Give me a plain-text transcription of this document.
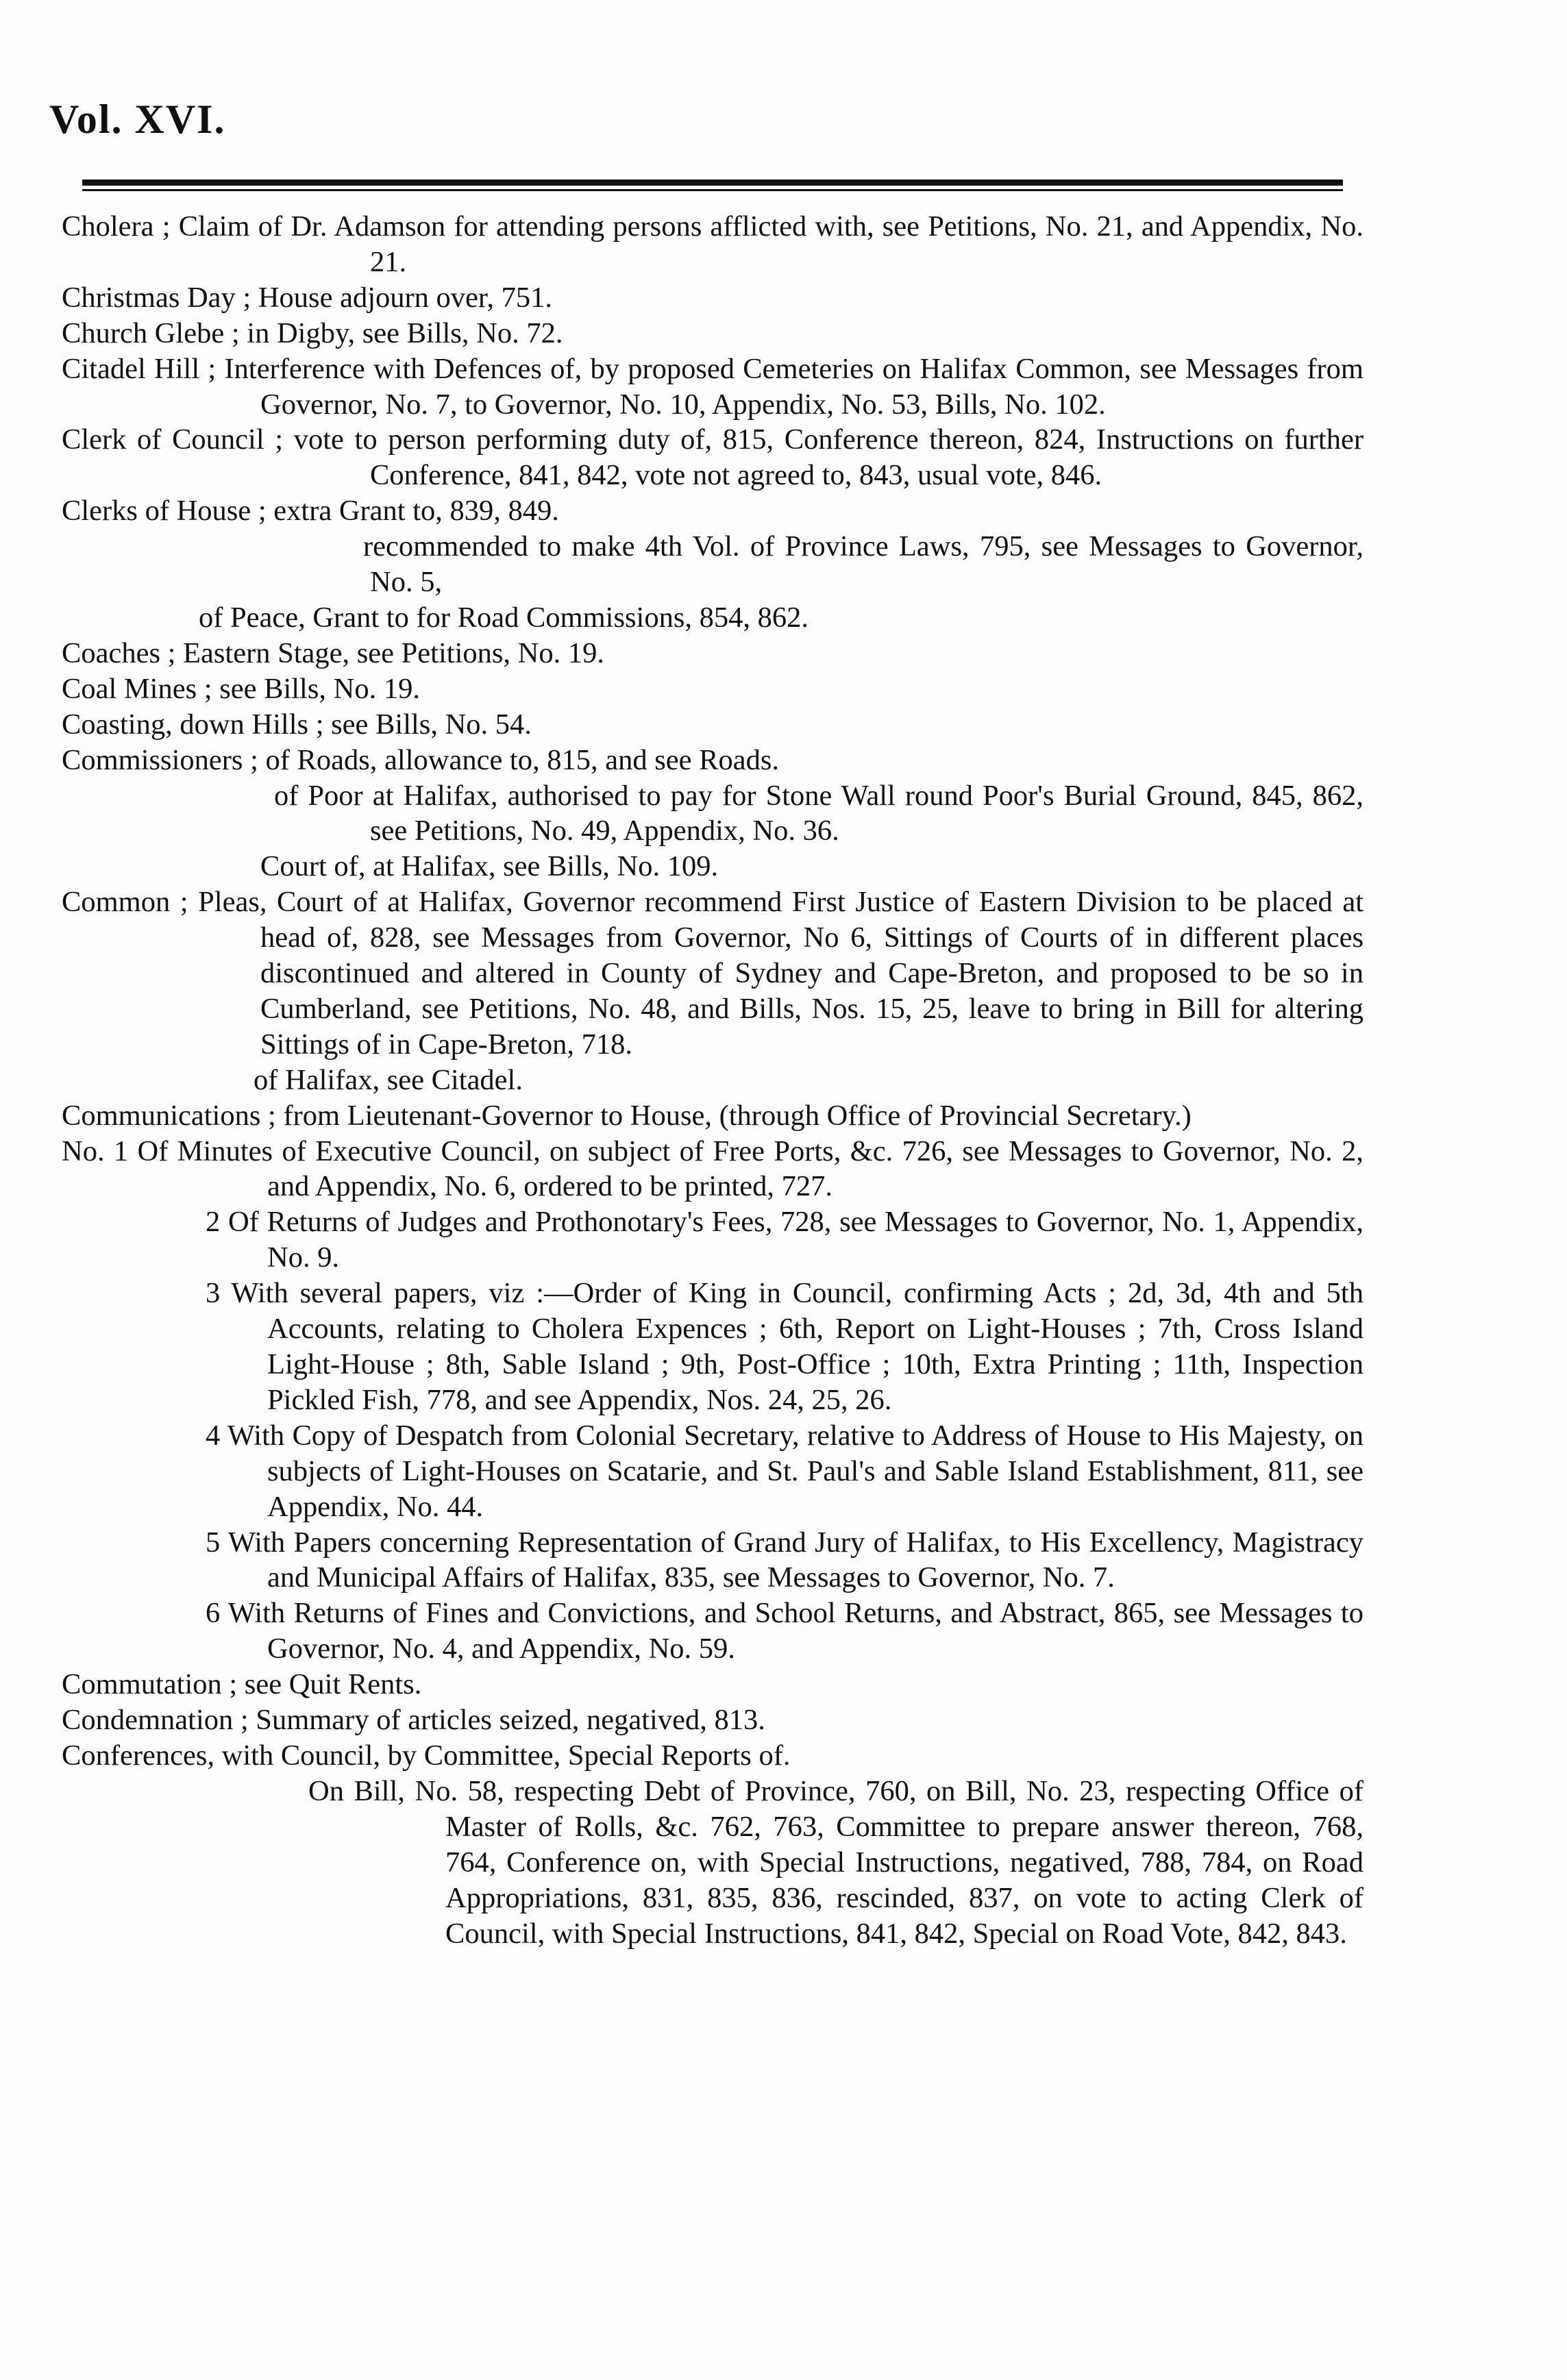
Vol. XVI.

Cholera ; Claim of Dr. Adamson for attending persons afflicted with, see Petitions, No. 21, and Appendix, No. 21.

Christmas Day ; House adjourn over, 751.

Church Glebe ; in Digby, see Bills, No. 72.

Citadel Hill ; Interference with Defences of, by proposed Cemeteries on Halifax Common, see Messages from Governor, No. 7, to Governor, No. 10, Appendix, No. 53, Bills, No. 102.

Clerk of Council ; vote to person performing duty of, 815, Conference thereon, 824, Instructions on further Conference, 841, 842, vote not agreed to, 843, usual vote, 846.

Clerks of House ; extra Grant to, 839, 849.

recommended to make 4th Vol. of Province Laws, 795, see Messages to Governor, No. 5,

of Peace, Grant to for Road Commissions, 854, 862.

Coaches ; Eastern Stage, see Petitions, No. 19.

Coal Mines ; see Bills, No. 19.

Coasting, down Hills ; see Bills, No. 54.

Commissioners ; of Roads, allowance to, 815, and see Roads.

of Poor at Halifax, authorised to pay for Stone Wall round Poor's Burial Ground, 845, 862, see Petitions, No. 49, Appendix, No. 36.

Court of, at Halifax, see Bills, No. 109.

Common ; Pleas, Court of at Halifax, Governor recommend First Justice of Eastern Division to be placed at head of, 828, see Messages from Governor, No 6, Sittings of Courts of in different places discontinued and altered in County of Sydney and Cape-Breton, and proposed to be so in Cumberland, see Petitions, No. 48, and Bills, Nos. 15, 25, leave to bring in Bill for altering Sittings of in Cape-Breton, 718.

of Halifax, see Citadel.

Communications ; from Lieutenant-Governor to House, (through Office of Provincial Secretary.)

No. 1 Of Minutes of Executive Council, on subject of Free Ports, &c. 726, see Messages to Governor, No. 2, and Appendix, No. 6, ordered to be printed, 727.

2 Of Returns of Judges and Prothonotary's Fees, 728, see Messages to Governor, No. 1, Appendix, No. 9.

3 With several papers, viz :—Order of King in Council, confirming Acts ; 2d, 3d, 4th and 5th Accounts, relating to Cholera Expences ; 6th, Report on Light-Houses ; 7th, Cross Island Light-House ; 8th, Sable Island ; 9th, Post-Office ; 10th, Extra Printing ; 11th, Inspection Pickled Fish, 778, and see Appendix, Nos. 24, 25, 26.

4 With Copy of Despatch from Colonial Secretary, relative to Address of House to His Majesty, on subjects of Light-Houses on Scatarie, and St. Paul's and Sable Island Establishment, 811, see Appendix, No. 44.

5 With Papers concerning Representation of Grand Jury of Halifax, to His Excellency, Magistracy and Municipal Affairs of Halifax, 835, see Messages to Governor, No. 7.

6 With Returns of Fines and Convictions, and School Returns, and Abstract, 865, see Messages to Governor, No. 4, and Appendix, No. 59.

Commutation ; see Quit Rents.

Condemnation ; Summary of articles seized, negatived, 813.

Conferences, with Council, by Committee, Special Reports of.

On Bill, No. 58, respecting Debt of Province, 760, on Bill, No. 23, respecting Office of Master of Rolls, &c. 762, 763, Committee to prepare answer thereon, 768, 764, Conference on, with Special Instructions, negatived, 788, 784, on Road Appropriations, 831, 835, 836, rescinded, 837, on vote to acting Clerk of Council, with Special Instructions, 841, 842, Special on Road Vote, 842, 843.
